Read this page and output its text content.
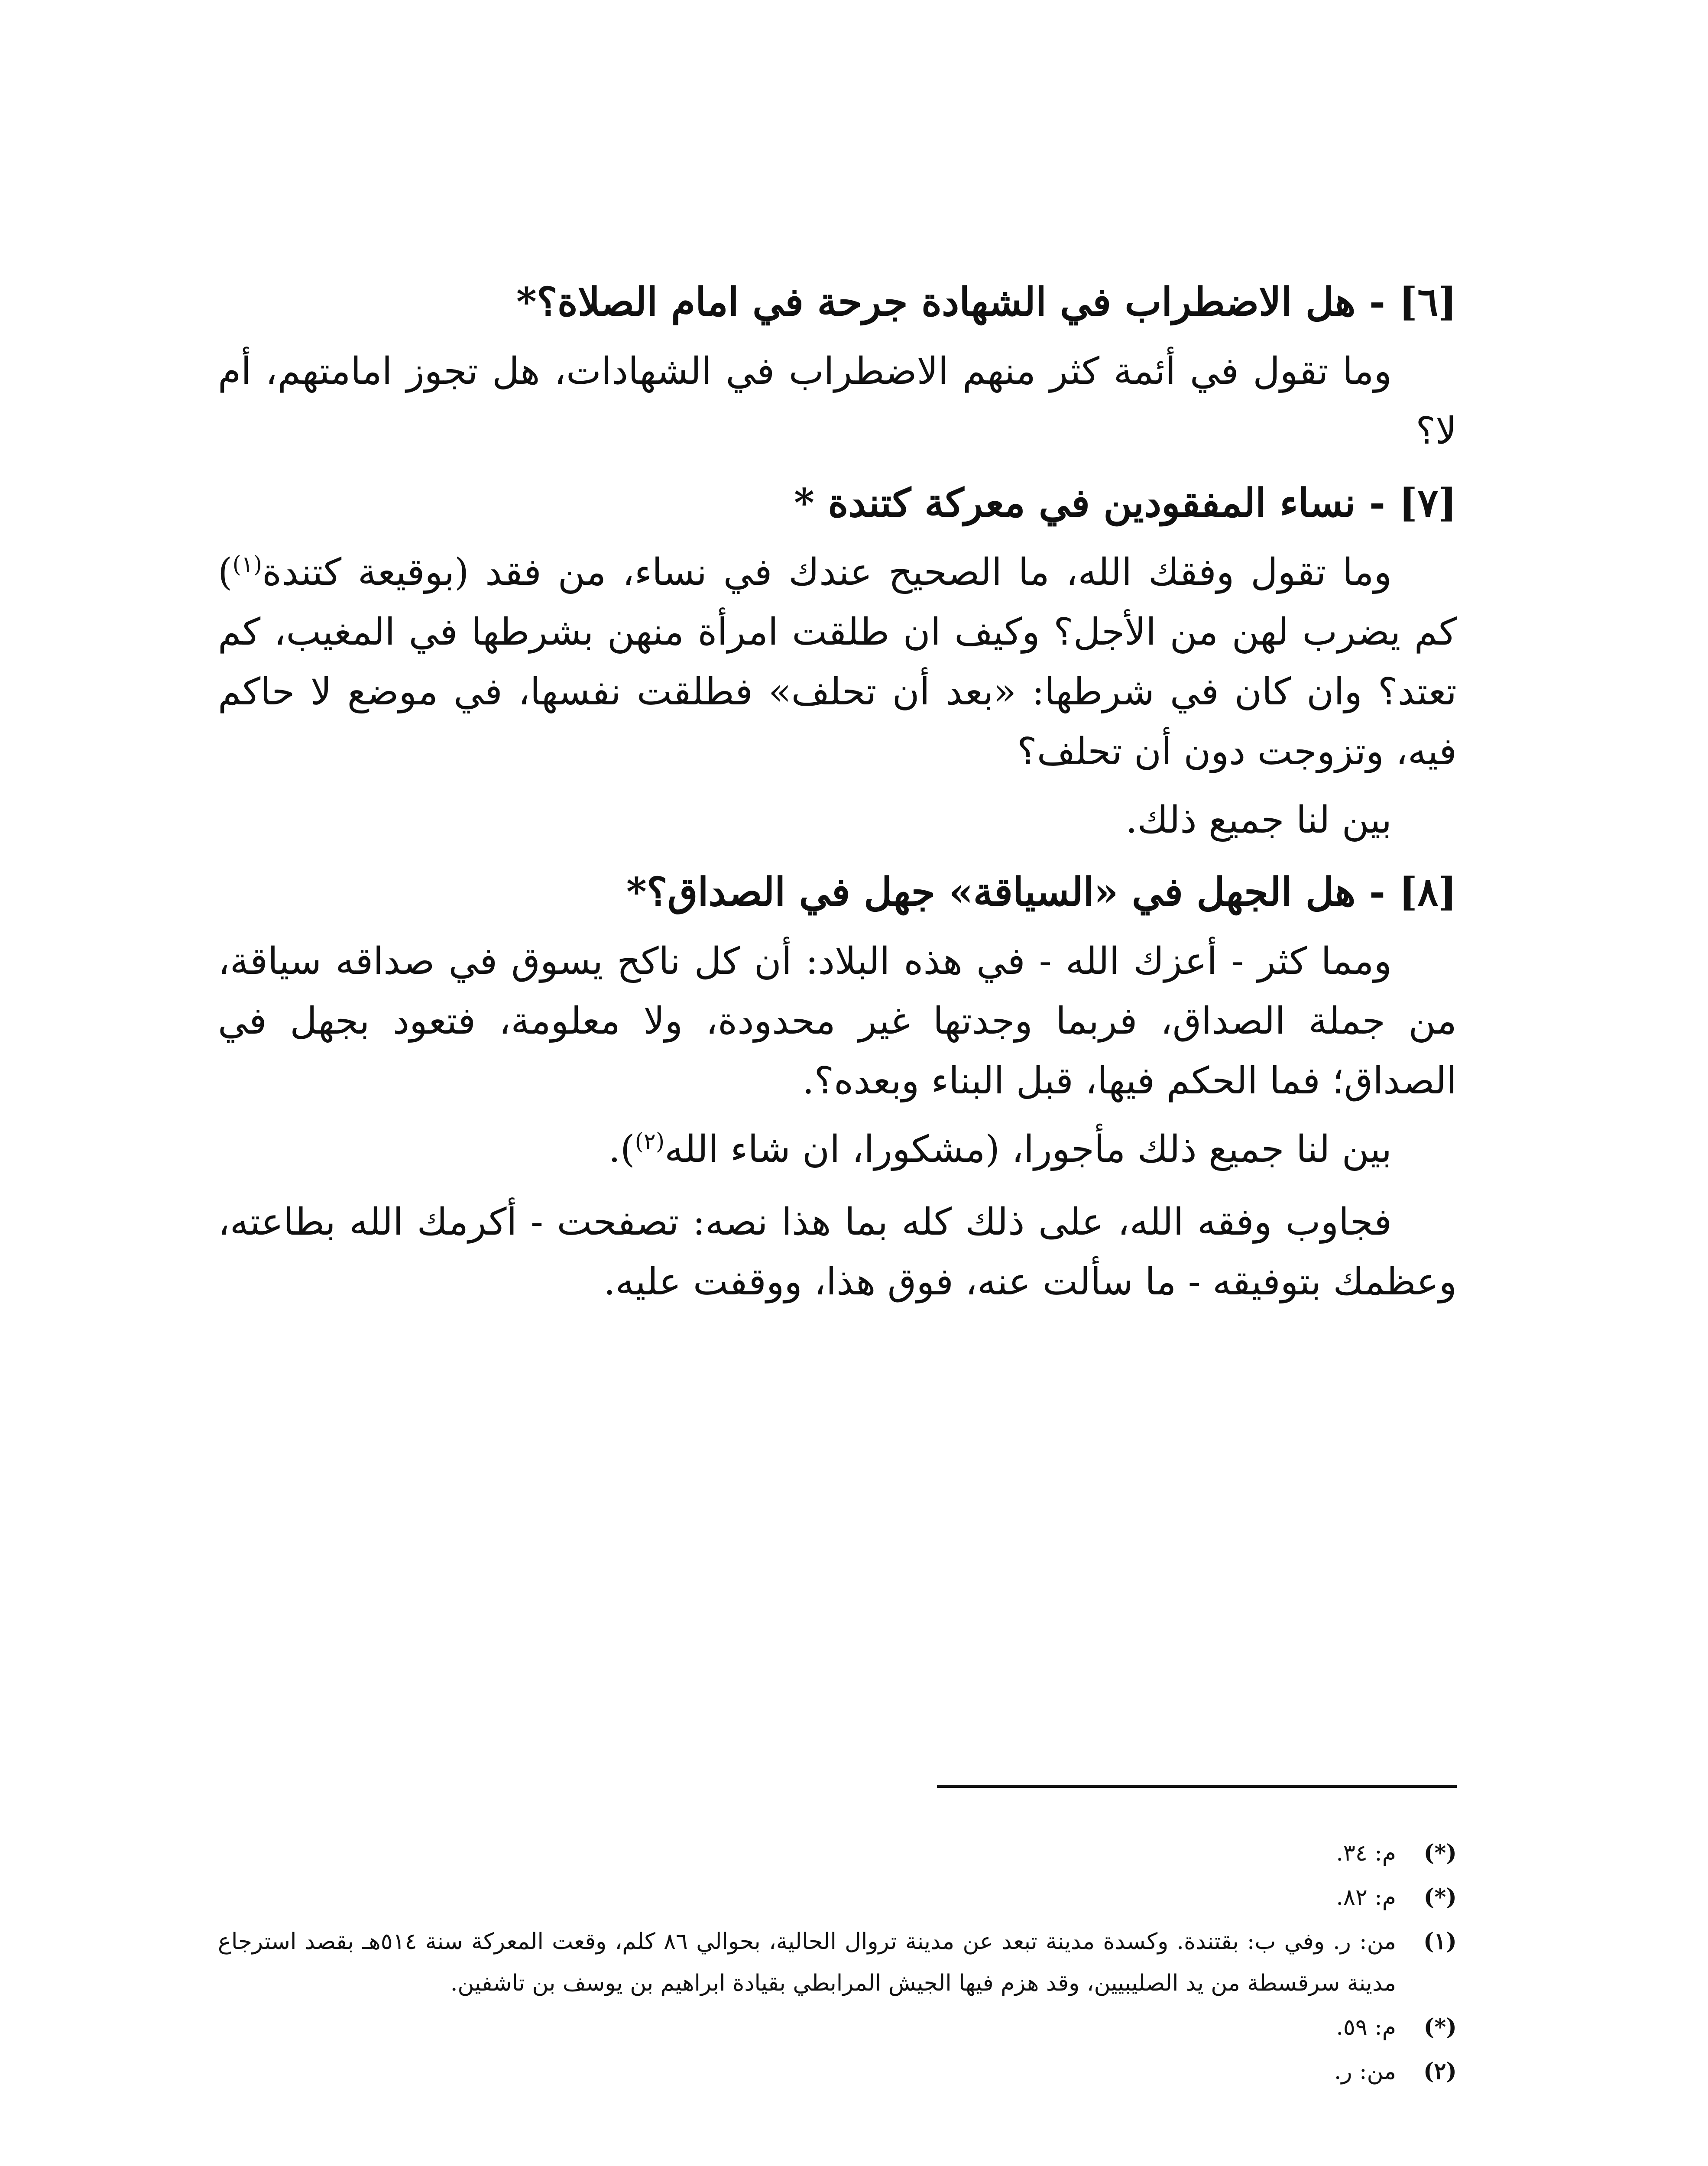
[٦] - هل الاضطراب في الشهادة جرحة في امام الصلاة؟*

وما تقول في أئمة كثر منهم الاضطراب في الشهادات، هل تجوز امامتهم، أم لا؟

[٧] - نساء المفقودين في معركة كتندة *

وما تقول وفقك الله، ما الصحيح عندك في نساء، من فقد (بوقيعة كتندة$^{(١)}$) كم يضرب لهن من الأجل؟ وكيف ان طلقت امرأة منهن بشرطها في المغيب، كم تعتد؟ وان كان في شرطها: «بعد أن تحلف» فطلقت نفسها، في موضع لا حاكم فيه، وتزوجت دون أن تحلف؟

بين لنا جميع ذلك.

[٨] - هل الجهل في «السياقة» جهل في الصداق؟*

ومما كثر - أعزك الله - في هذه البلاد: أن كل ناكح يسوق في صداقه سياقة، من جملة الصداق، فربما وجدتها غير محدودة، ولا معلومة، فتعود بجهل في الصداق؛ فما الحكم فيها، قبل البناء وبعده؟.

بين لنا جميع ذلك مأجورا، (مشكورا، ان شاء الله$^{(٢)}$).

فجاوب وفقه الله، على ذلك كله بما هذا نصه: تصفحت - أكرمك الله بطاعته، وعظمك بتوفيقه - ما سألت عنه، فوق هذا، ووقفت عليه.

(*)
م: ٣٤.
(*)
م: ٨٢.
(١)
من: ر. وفي ب: بقتندة. وكسدة مدينة تبعد عن مدينة تروال الحالية، بحوالي ٨٦ كلم، وقعت المعركة سنة ٥١٤هـ بقصد استرجاع مدينة سرقسطة من يد الصليبيين، وقد هزم فيها الجيش المرابطي بقيادة ابراهيم بن يوسف بن تاشفين.
(*)
م: ٥٩.
(٢)
من: ر.
